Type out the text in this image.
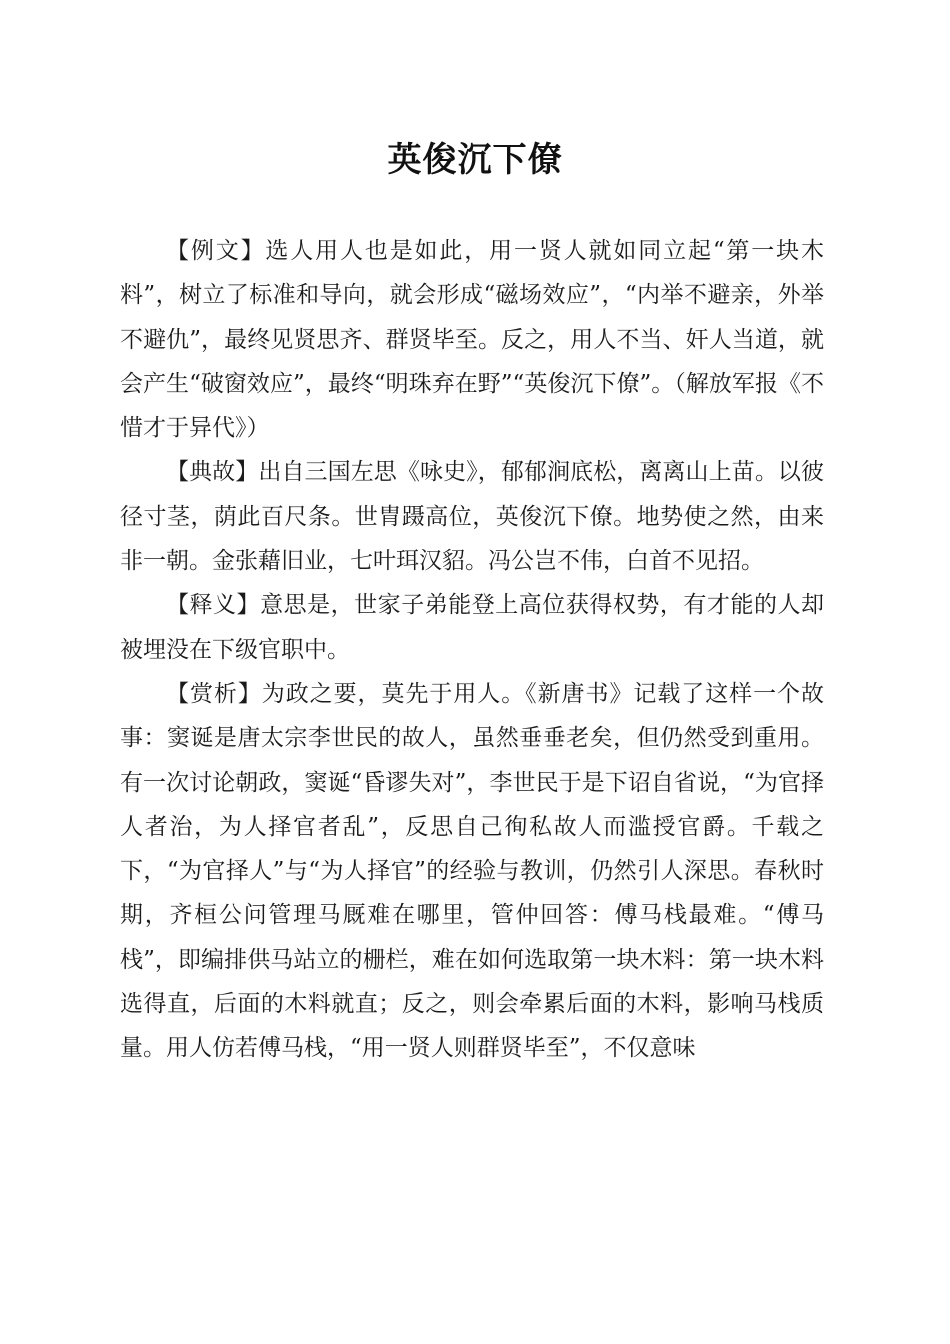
英俊沉下僚

【例文】选人用人也是如此，用一贤人就如同立起“第一块木料”，树立了标准和导向，就会形成“磁场效应”，“内举不避亲，外举不避仇”，最终见贤思齐、群贤毕至。反之，用人不当、奸人当道，就会产生“破窗效应”，最终“明珠弃在野”“英俊沉下僚”。（解放军报《不惜才于异代》）

【典故】出自三国左思《咏史》，郁郁涧底松，离离山上苗。以彼径寸茎，荫此百尺条。世胄蹑高位，英俊沉下僚。地势使之然，由来非一朝。金张藉旧业，七叶珥汉貂。冯公岂不伟，白首不见招。

【释义】意思是，世家子弟能登上高位获得权势，有才能的人却被埋没在下级官职中。

【赏析】为政之要，莫先于用人。《新唐书》记载了这样一个故事：窦诞是唐太宗李世民的故人，虽然垂垂老矣，但仍然受到重用。有一次讨论朝政，窦诞“昏谬失对”，李世民于是下诏自省说，“为官择人者治，为人择官者乱”，反思自己徇私故人而滥授官爵。千载之下，“为官择人”与“为人择官”的经验与教训，仍然引人深思。春秋时期，齐桓公问管理马厩难在哪里，管仲回答：傅马栈最难。“傅马栈”，即编排供马站立的栅栏，难在如何选取第一块木料：第一块木料选得直，后面的木料就直；反之，则会牵累后面的木料，影响马栈质量。用人仿若傅马栈，“用一贤人则群贤毕至”，不仅意味
